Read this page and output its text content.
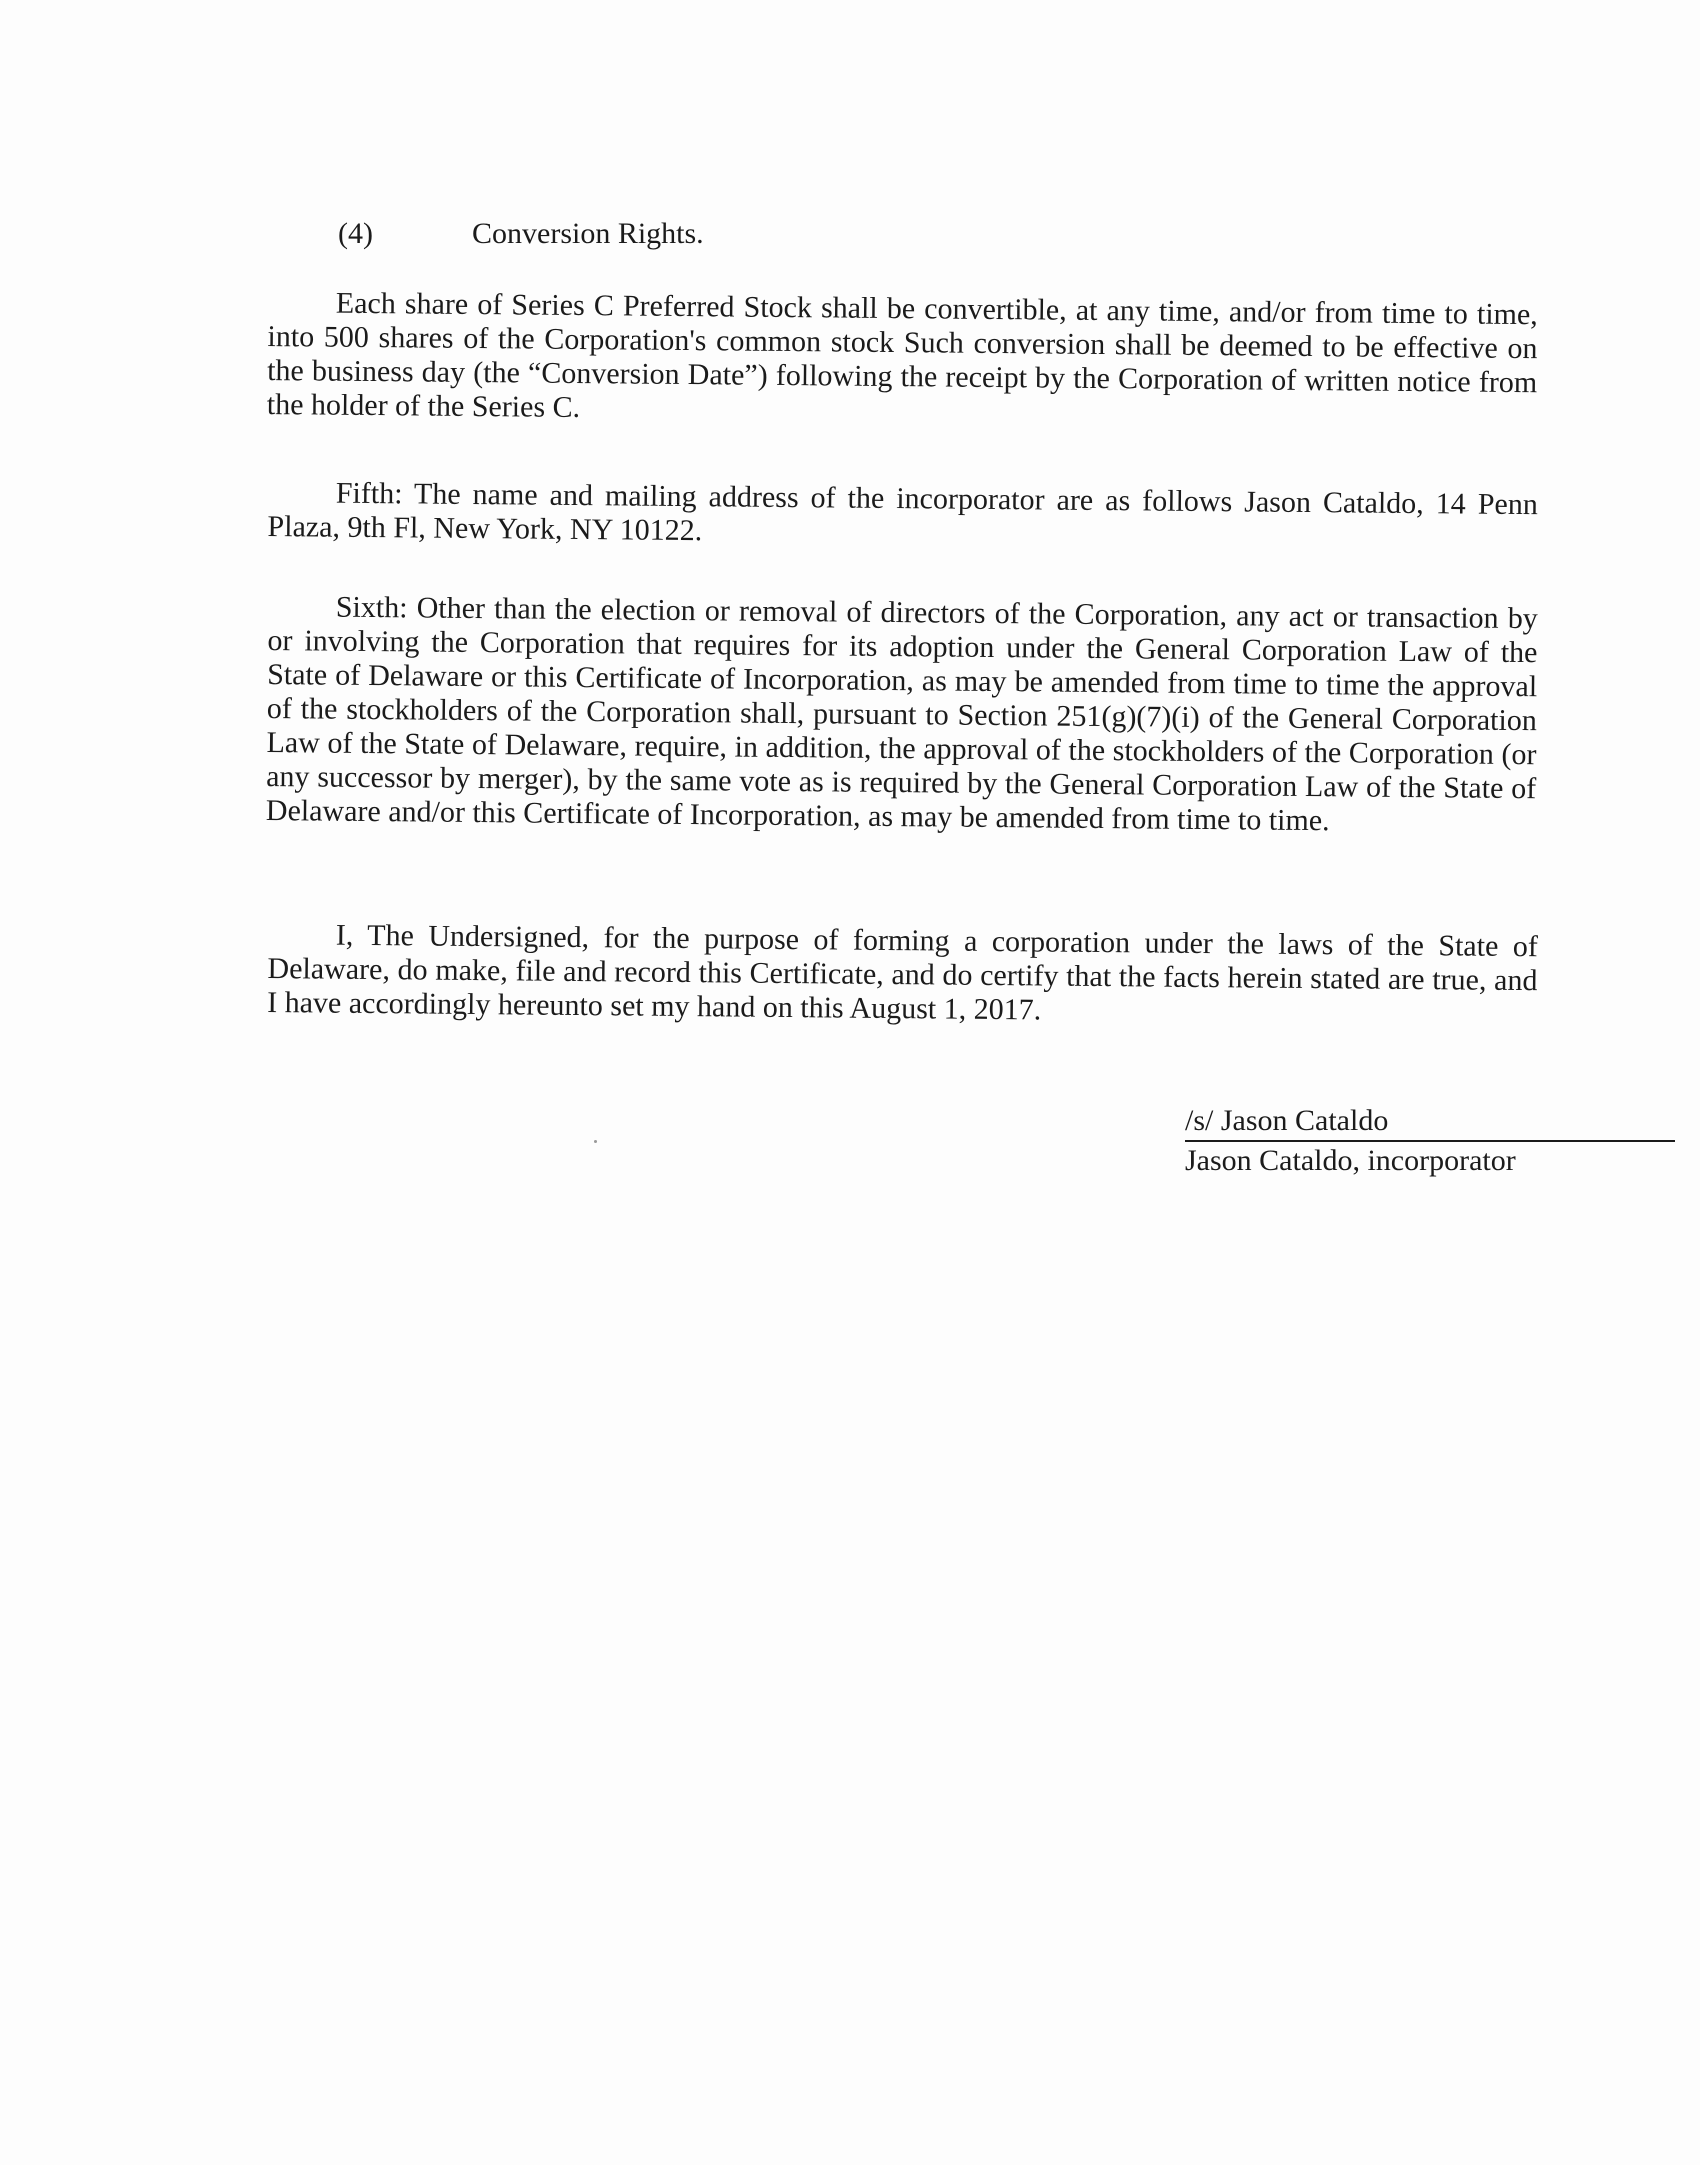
(4)	Conversion Rights.
Each share of Series C Preferred Stock shall be convertible, at any time, and/or from time to time, into 500 shares of the Corporation's common stock Such conversion shall be deemed to be effective on the business day (the “Conversion Date”) following the receipt by the Corporation of written notice from the holder of the Series C.
Fifth: The name and mailing address of the incorporator are as follows Jason Cataldo, 14 Penn Plaza, 9th Fl, New York, NY 10122.
Sixth: Other than the election or removal of directors of the Corporation, any act or transaction by or involving the Corporation that requires for its adoption under the General Corporation Law of the State of Delaware or this Certificate of Incorporation, as may be amended from time to time the approval of the stockholders of the Corporation shall, pursuant to Section 251(g)(7)(i) of the General Corporation Law of the State of Delaware, require, in addition, the approval of the stockholders of the Corporation (or any successor by merger), by the same vote as is required by the General Corporation Law of the State of Delaware and/or this Certificate of Incorporation, as may be amended from time to time.
I, The Undersigned, for the purpose of forming a corporation under the laws of the State of Delaware, do make, file and record this Certificate, and do certify that the facts herein stated are true, and I have accordingly hereunto set my hand on this August 1, 2017.
/s/ Jason Cataldo
Jason Cataldo, incorporator
